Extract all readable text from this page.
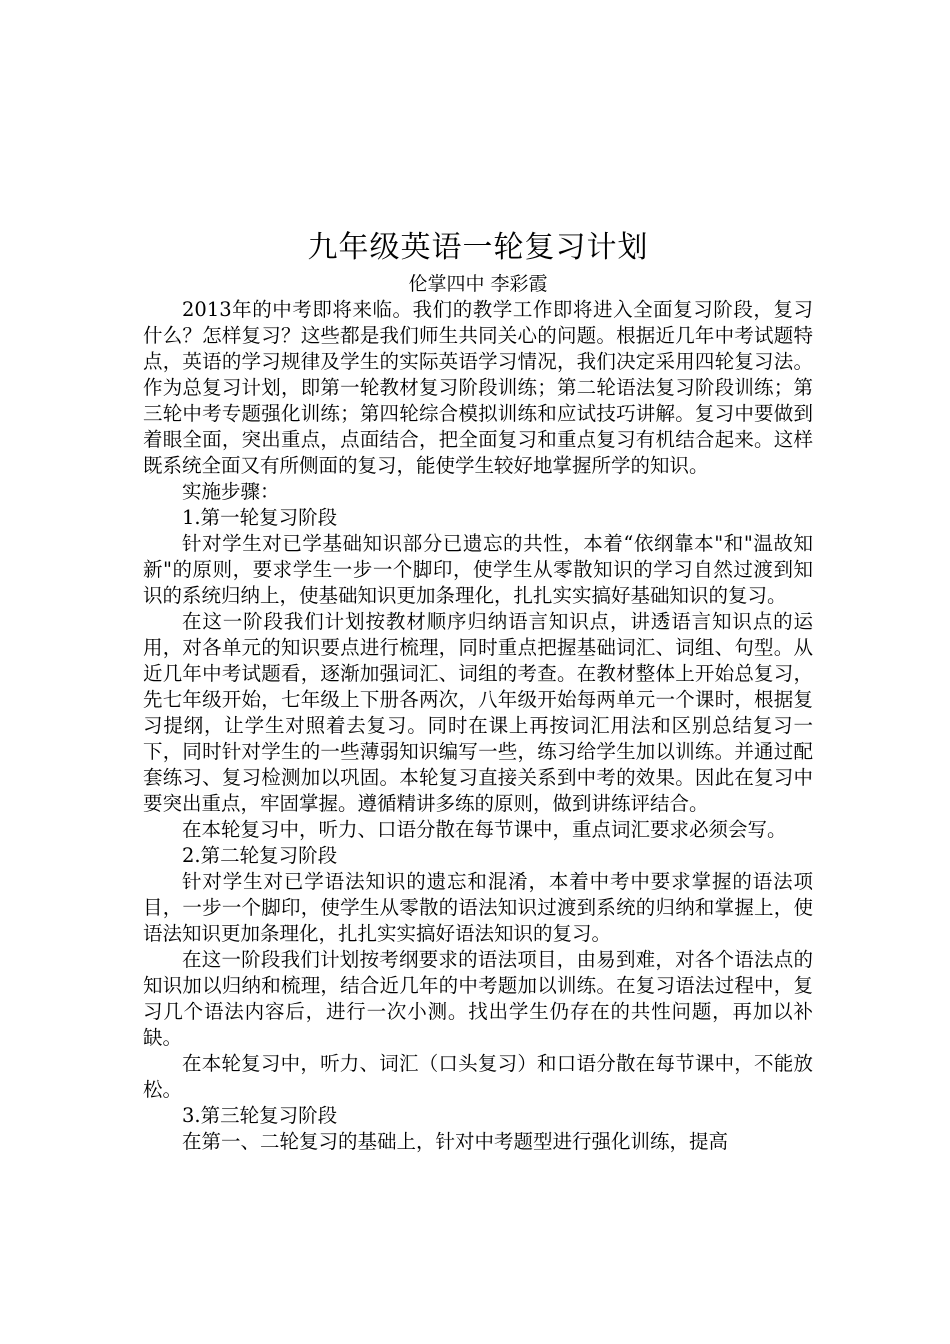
九年级英语一轮复习计划

伦掌四中 李彩霞

2013年的中考即将来临。我们的教学工作即将进入全面复习阶段，复习什么？怎样复习？这些都是我们师生共同关心的问题。根据近几年中考试题特点，英语的学习规律及学生的实际英语学习情况，我们决定采用四轮复习法。作为总复习计划，即第一轮教材复习阶段训练；第二轮语法复习阶段训练；第三轮中考专题强化训练；第四轮综合模拟训练和应试技巧讲解。复习中要做到着眼全面，突出重点，点面结合，把全面复习和重点复习有机结合起来。这样既系统全面又有所侧面的复习，能使学生较好地掌握所学的知识。

实施步骤：

1.第一轮复习阶段

针对学生对已学基础知识部分已遗忘的共性，本着“依纲靠本"和"温故知新"的原则，要求学生一步一个脚印，使学生从零散知识的学习自然过渡到知识的系统归纳上，使基础知识更加条理化，扎扎实实搞好基础知识的复习。

在这一阶段我们计划按教材顺序归纳语言知识点，讲透语言知识点的运用，对各单元的知识要点进行梳理，同时重点把握基础词汇、词组、句型。从近几年中考试题看，逐渐加强词汇、词组的考查。在教材整体上开始总复习，先七年级开始，七年级上下册各两次，八年级开始每两单元一个课时，根据复习提纲，让学生对照着去复习。同时在课上再按词汇用法和区别总结复习一下，同时针对学生的一些薄弱知识编写一些，练习给学生加以训练。并通过配套练习、复习检测加以巩固。本轮复习直接关系到中考的效果。因此在复习中要突出重点，牢固掌握。遵循精讲多练的原则，做到讲练评结合。

在本轮复习中，听力、口语分散在每节课中，重点词汇要求必须会写。

2.第二轮复习阶段

针对学生对已学语法知识的遗忘和混淆，本着中考中要求掌握的语法项目，一步一个脚印，使学生从零散的语法知识过渡到系统的归纳和掌握上，使语法知识更加条理化，扎扎实实搞好语法知识的复习。

在这一阶段我们计划按考纲要求的语法项目，由易到难，对各个语法点的知识加以归纳和梳理，结合近几年的中考题加以训练。在复习语法过程中，复习几个语法内容后，进行一次小测。找出学生仍存在的共性问题，再加以补缺。

在本轮复习中，听力、词汇（口头复习）和口语分散在每节课中，不能放松。

3.第三轮复习阶段

在第一、二轮复习的基础上，针对中考题型进行强化训练，提高
